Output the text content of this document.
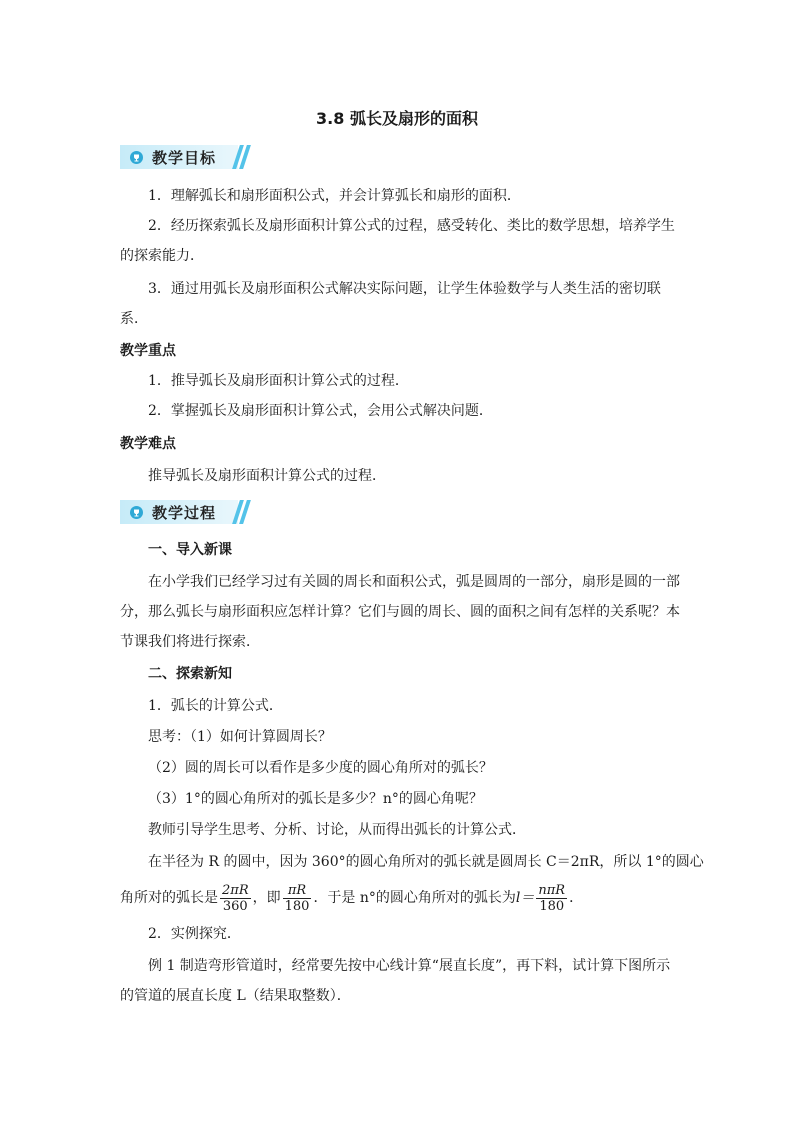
3.8 弧长及扇形的面积
教学目标
1．理解弧长和扇形面积公式，并会计算弧长和扇形的面积．
2．经历探索弧长及扇形面积计算公式的过程，感受转化、类比的数学思想，培养学生
的探索能力．
3．通过用弧长及扇形面积公式解决实际问题，让学生体验数学与人类生活的密切联
系．
教学重点
1．推导弧长及扇形面积计算公式的过程．
2．掌握弧长及扇形面积计算公式，会用公式解决问题．
教学难点
推导弧长及扇形面积计算公式的过程．
教学过程
一、导入新课
在小学我们已经学习过有关圆的周长和面积公式，弧是圆周的一部分，扇形是圆的一部
分，那么弧长与扇形面积应怎样计算？它们与圆的周长、圆的面积之间有怎样的关系呢？本
节课我们将进行探索．
二、探索新知
1．弧长的计算公式．
思考：（1）如何计算圆周长？
（2）圆的周长可以看作是多少度的圆心角所对的弧长？
（3）1°的圆心角所对的弧长是多少？n°的圆心角呢？
教师引导学生思考、分析、讨论，从而得出弧长的计算公式．
在半径为 R 的圆中，因为 360°的圆心角所对的弧长就是圆周长 C＝2πR，所以 1°的圆心
角所对的弧长是 $\frac{2\pi R}{360}$ ，即 $\frac{\pi R}{180}$ ．于是 n°的圆心角所对的弧长为$l= \frac{\text{nπR}}{180}$ ．
2．实例探究．
例 1 制造弯形管道时，经常要先按中心线计算“展直长度”，再下料，试计算下图所示
的管道的展直长度 L（结果取整数）．
